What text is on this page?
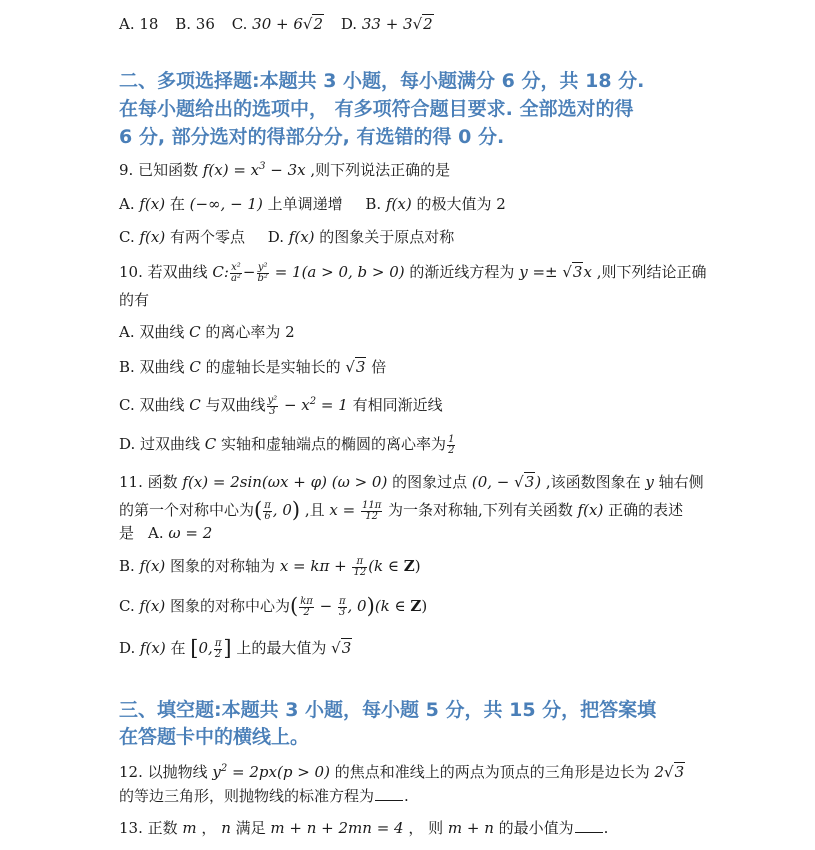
A. 18 B. 36 C. 30 + 6√2 D. 33 + 3√2
二、多项选择题:本题共 3 小题，每小题满分 6 分，共 18 分.
在每小题给出的选项中， 有多项符合题目要求. 全部选对的得
6 分, 部分选对的得部分分, 有选错的得 0 分.
9. 已知函数 $f(x) = x^3 - 3x$ ,则下列说法正确的是
A. f(x) 在 (−∞, − 1) 上单调递增 B. f(x) 的极大值为 2
C. f(x) 有两个零点 D. f(x) 的图象关于原点对称
10. 若双曲线 C: $\frac{\text{x²}}{\text{a²}} - \frac{\text{y²}}{\text{b²}} = 1(a > 0$, b > 0) 的渐近线方程为 y =± √3x ,则下列结论正确
的有
A. 双曲线 C 的离心率为 2
B. 双曲线 C 的虚轴长是实轴长的 √3 倍
C. 双曲线 C 与双曲线 $\frac{\text{y²}}{3} - x^2 = 1$ 有相同渐近线
D. 过双曲线 C 实轴和虚轴端点的椭圆的离心率为 $\frac{1}{2}$
11. 函数 f(x) = 2sin(ωx + φ) (ω > 0) 的图象过点 (0, − √3) ,该函数图象在 y 轴右侧
的第一个对称中心为( $\frac{\pi}{6}$ , 0) ,且 $x = \frac{11\pi}{12}$ 为一条对称轴,下列有关函数 f(x) 正确的表述
是 A. ω = 2
B. f(x) 图象的对称轴为 $x = k\pi + \frac{\pi}{12} (k$ ∈ Z)
C. f(x) 图象的对称中心为( $\frac{k\pi}{2} - \frac{\pi}{3}$ , 0)(k ∈ Z)
D. f(x) 在 [0, $\frac{\pi}{2}$ ] 上的最大值为 √3
三、填空题:本题共 3 小题，每小题 5 分，共 15 分，把答案填
在答题卡中的横线上。
12. 以抛物线 $y^2 = 2px(p > 0)$ 的焦点和准线上的两点为顶点的三角形是边长为 2√3
的等边三角形，则抛物线的标准方程为 .
13. 正数 m ， n 满足 m + n + 2mn = 4 ， 则 m + n 的最小值为 .
